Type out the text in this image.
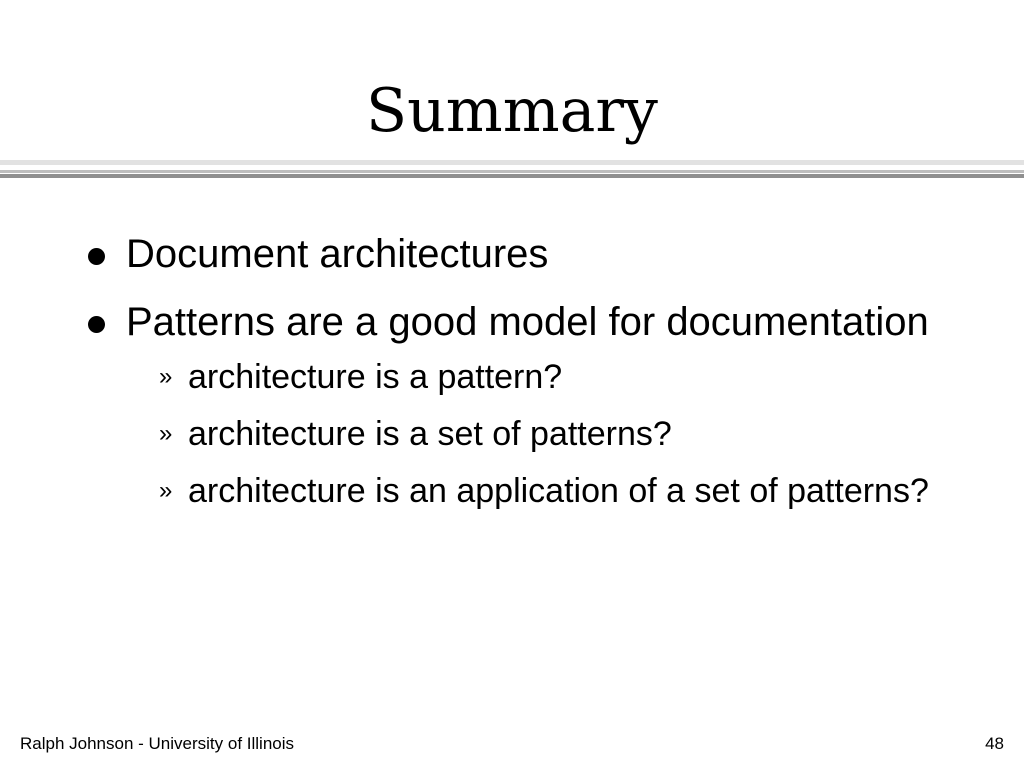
Summary
Document architectures
Patterns are a good model for documentation
» architecture is a pattern?
» architecture is a set of patterns?
» architecture is an application of a set of patterns?
Ralph Johnson - University of Illinois	48
